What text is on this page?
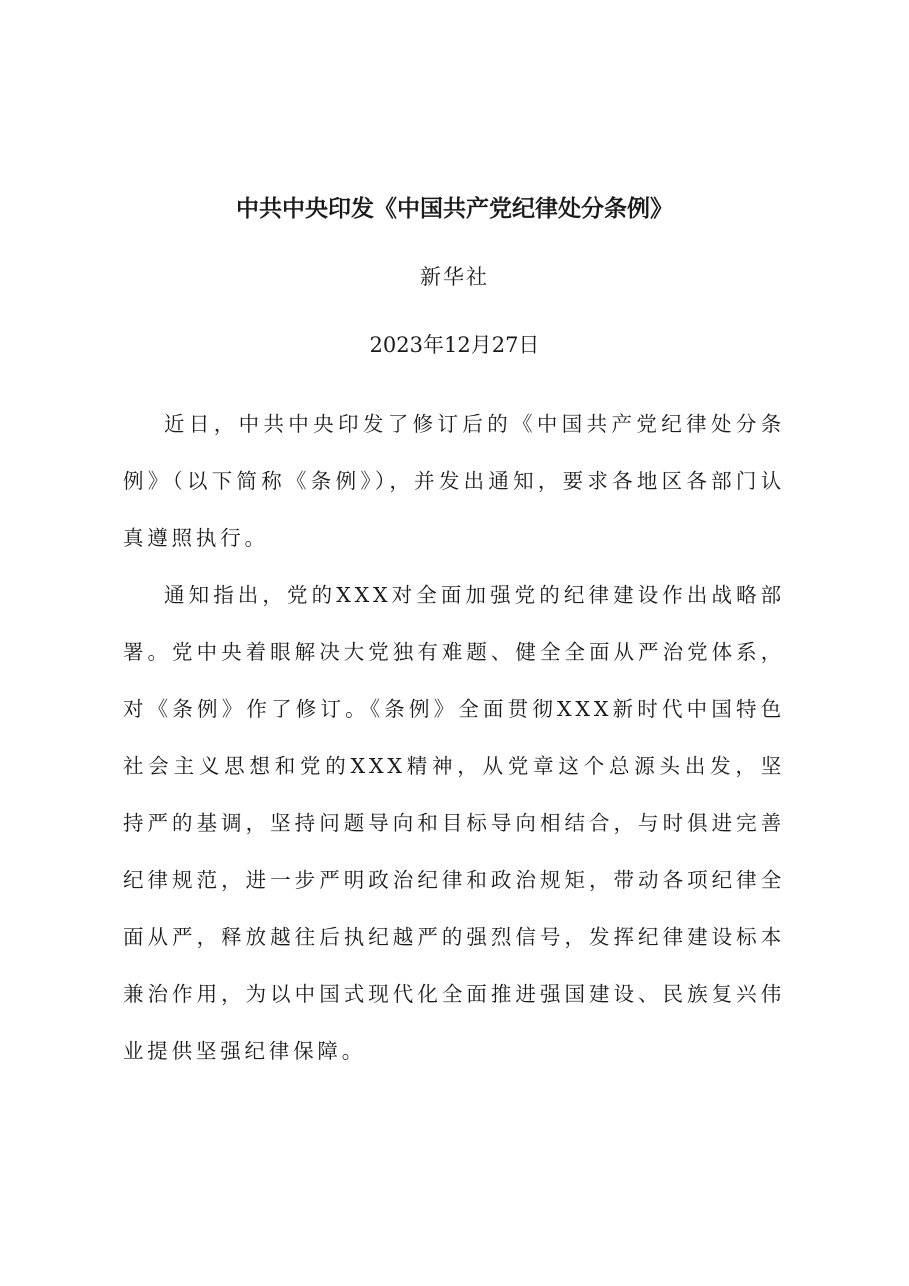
中共中央印发《中国共产党纪律处分条例》
新华社
2023年12月27日

近日，中共中央印发了修订后的《中国共产党纪律处分条例》（以下简称《条例》），并发出通知，要求各地区各部门认真遵照执行。

通知指出，党的XXX对全面加强党的纪律建设作出战略部署。党中央着眼解决大党独有难题、健全全面从严治党体系，对《条例》作了修订。《条例》全面贯彻XXX新时代中国特色社会主义思想和党的XXX精神，从党章这个总源头出发，坚持严的基调，坚持问题导向和目标导向相结合，与时俱进完善纪律规范，进一步严明政治纪律和政治规矩，带动各项纪律全面从严，释放越往后执纪越严的强烈信号，发挥纪律建设标本兼治作用，为以中国式现代化全面推进强国建设、民族复兴伟业提供坚强纪律保障。
